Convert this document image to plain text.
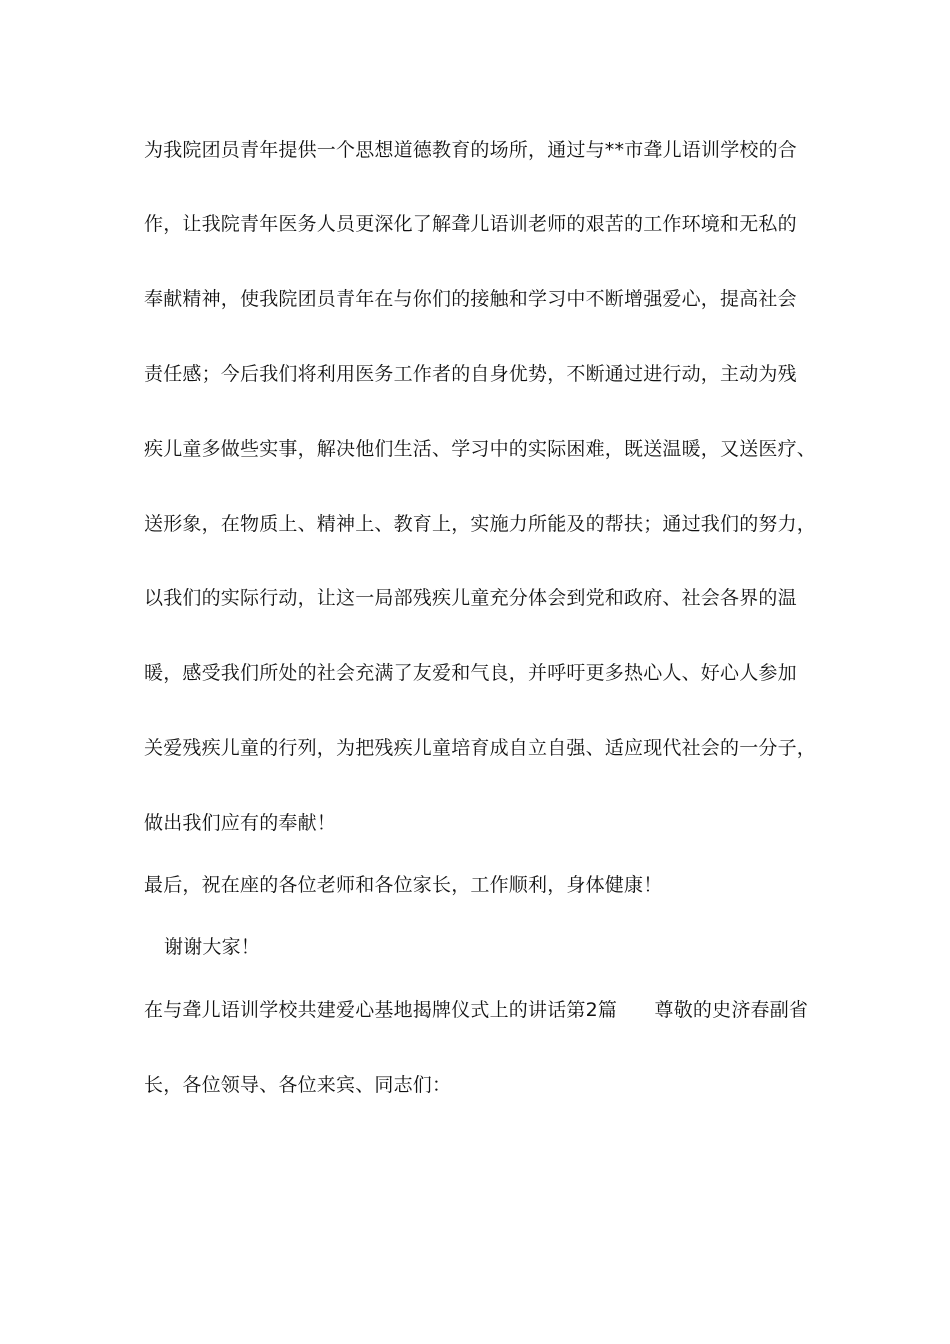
为我院团员青年提供一个思想道德教育的场所，通过与**市聋儿语训学校的合
作，让我院青年医务人员更深化了解聋儿语训老师的艰苦的工作环境和无私的
奉献精神，使我院团员青年在与你们的接触和学习中不断增强爱心，提高社会
责任感；今后我们将利用医务工作者的自身优势，不断通过进行动，主动为残
疾儿童多做些实事，解决他们生活、学习中的实际困难，既送温暖，又送医疗、
送形象，在物质上、精神上、教育上，实施力所能及的帮扶；通过我们的努力，
以我们的实际行动，让这一局部残疾儿童充分体会到党和政府、社会各界的温
暖，感受我们所处的社会充满了友爱和气良，并呼吁更多热心人、好心人参加
关爱残疾儿童的行列，为把残疾儿童培育成自立自强、适应现代社会的一分子，
做出我们应有的奉献！
最后，祝在座的各位老师和各位家长，工作顺利，身体健康！
谢谢大家！
在与聋儿语训学校共建爱心基地揭牌仪式上的讲话第2篇      尊敬的史济春副省
长，各位领导、各位来宾、同志们：
